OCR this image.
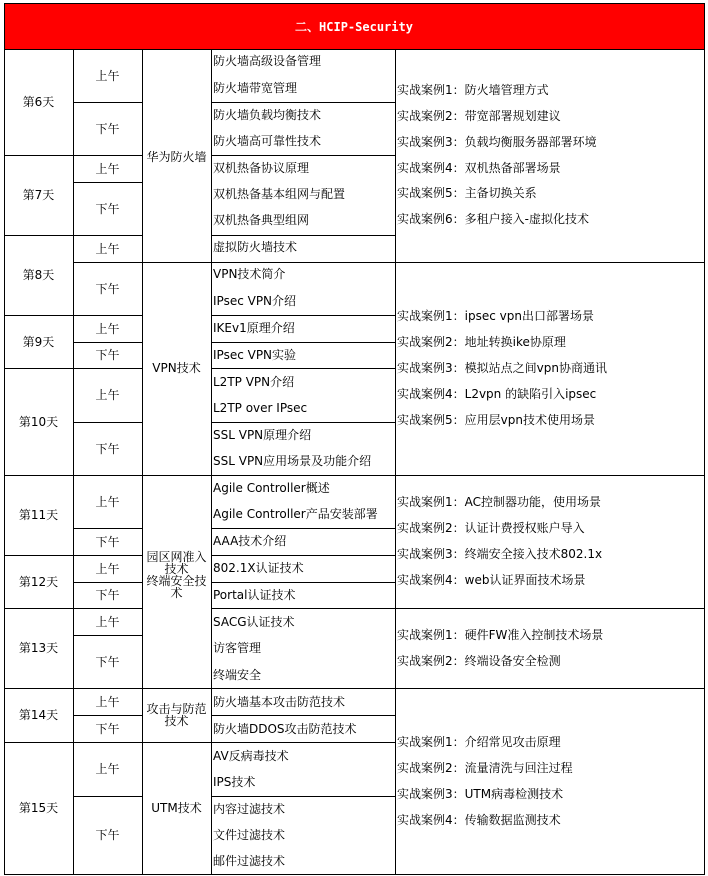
二、HCIP-Security
第6天
第7天
第8天
第9天
第10天
第11天
第12天
第13天
第14天
第15天
上午
下午
上午
下午
上午
下午
上午
下午
上午
下午
上午
下午
上午
下午
上午
下午
上午
下午
上午
下午
华为防火墙
VPN技术
园区网准入
技术
终端安全技
术
攻击与防范
技术
UTM技术
防火墙高级设备管理
防火墙带宽管理
防火墙负载均衡技术
防火墙高可靠性技术
双机热备协议原理
双机热备基本组网与配置
双机热备典型组网
虚拟防火墙技术
VPN技术简介
IPsec VPN介绍
IKEv1原理介绍
IPsec VPN实验
L2TP VPN介绍
L2TP over IPsec
SSL VPN原理介绍
SSL VPN应用场景及功能介绍
Agile Controller概述
Agile Controller产品安装部署
AAA技术介绍
802.1X认证技术
Portal认证技术
SACG认证技术
访客管理
终端安全
防火墙基本攻击防范技术
防火墙DDOS攻击防范技术
AV反病毒技术
IPS技术
内容过滤技术
文件过滤技术
邮件过滤技术
实战案例1：防火墙管理方式
实战案例2：带宽部署规划建议
实战案例3：负载均衡服务器部署环境
实战案例4：双机热备部署场景
实战案例5：主备切换关系
实战案例6：多租户接入-虚拟化技术
实战案例1：ipsec vpn出口部署场景
实战案例2：地址转换ike协原理
实战案例3：模拟站点之间vpn协商通讯
实战案例4：L2vpn 的缺陷引入ipsec
实战案例5：应用层vpn技术使用场景
实战案例1：AC控制器功能，使用场景
实战案例2：认证计费授权账户导入
实战案例3：终端安全接入技术802.1x
实战案例4：web认证界面技术场景
实战案例1：硬件FW准入控制技术场景
实战案例2：终端设备安全检测
实战案例1：介绍常见攻击原理
实战案例2：流量清洗与回注过程
实战案例3：UTM病毒检测技术
实战案例4：传输数据监测技术
